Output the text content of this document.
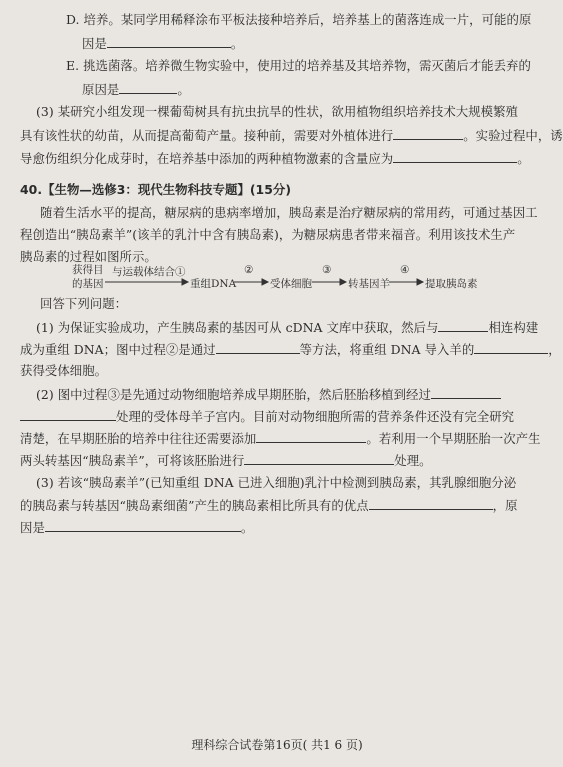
D. 培养。某同学用稀释涂布平板法接种培养后，培养基上的菌落连成一片，可能的原
因是	。
E. 挑选菌落。培养微生物实验中，使用过的培养基及其培养物，需灭菌后才能丢弃的
原因是	。
(3) 某研究小组发现一棵葡萄树具有抗虫抗旱的性状，欲用植物组织培养技术大规模繁殖
具有该性状的幼苗，从而提高葡萄产量。接种前，需要对外植体进行	。实验过程中，诱
导愈伤组织分化成芽时，在培养基中添加的两种植物激素的含量应为	。
40.【生物—选修3：现代生物科技专题】(15分)
随着生活水平的提高，糖尿病的患病率增加，胰岛素是治疗糖尿病的常用药，可通过基因工
程创造出“胰岛素羊”(该羊的乳汁中含有胰岛素)，为糖尿病患者带来福音。利用该技术生产
胰岛素的过程如图所示。
获得目
的基因
与运载体结合①
重组DNA
②
受体细胞
③
转基因羊
④
提取胰岛素
回答下列问题：
(1) 为保证实验成功，产生胰岛素的基因可从 cDNA 文库中获取，然后与	相连构建
成为重组 DNA；图中过程②是通过	等方法，将重组 DNA 导入羊的	，
获得受体细胞。
(2) 图中过程③是先通过动物细胞培养成早期胚胎，然后胚胎移植到经过
处理的受体母羊子宫内。目前对动物细胞所需的营养条件还没有完全研究
清楚，在早期胚胎的培养中往往还需要添加	。若利用一个早期胚胎一次产生
两头转基因“胰岛素羊”，可将该胚胎进行	处理。
(3) 若该“胰岛素羊”(已知重组 DNA 已进入细胞)乳汁中检测到胰岛素，其乳腺细胞分泌
的胰岛素与转基因“胰岛素细菌”产生的胰岛素相比所具有的优点	，原
因是	。
理科综合试卷第16页( 共1 6 页)
